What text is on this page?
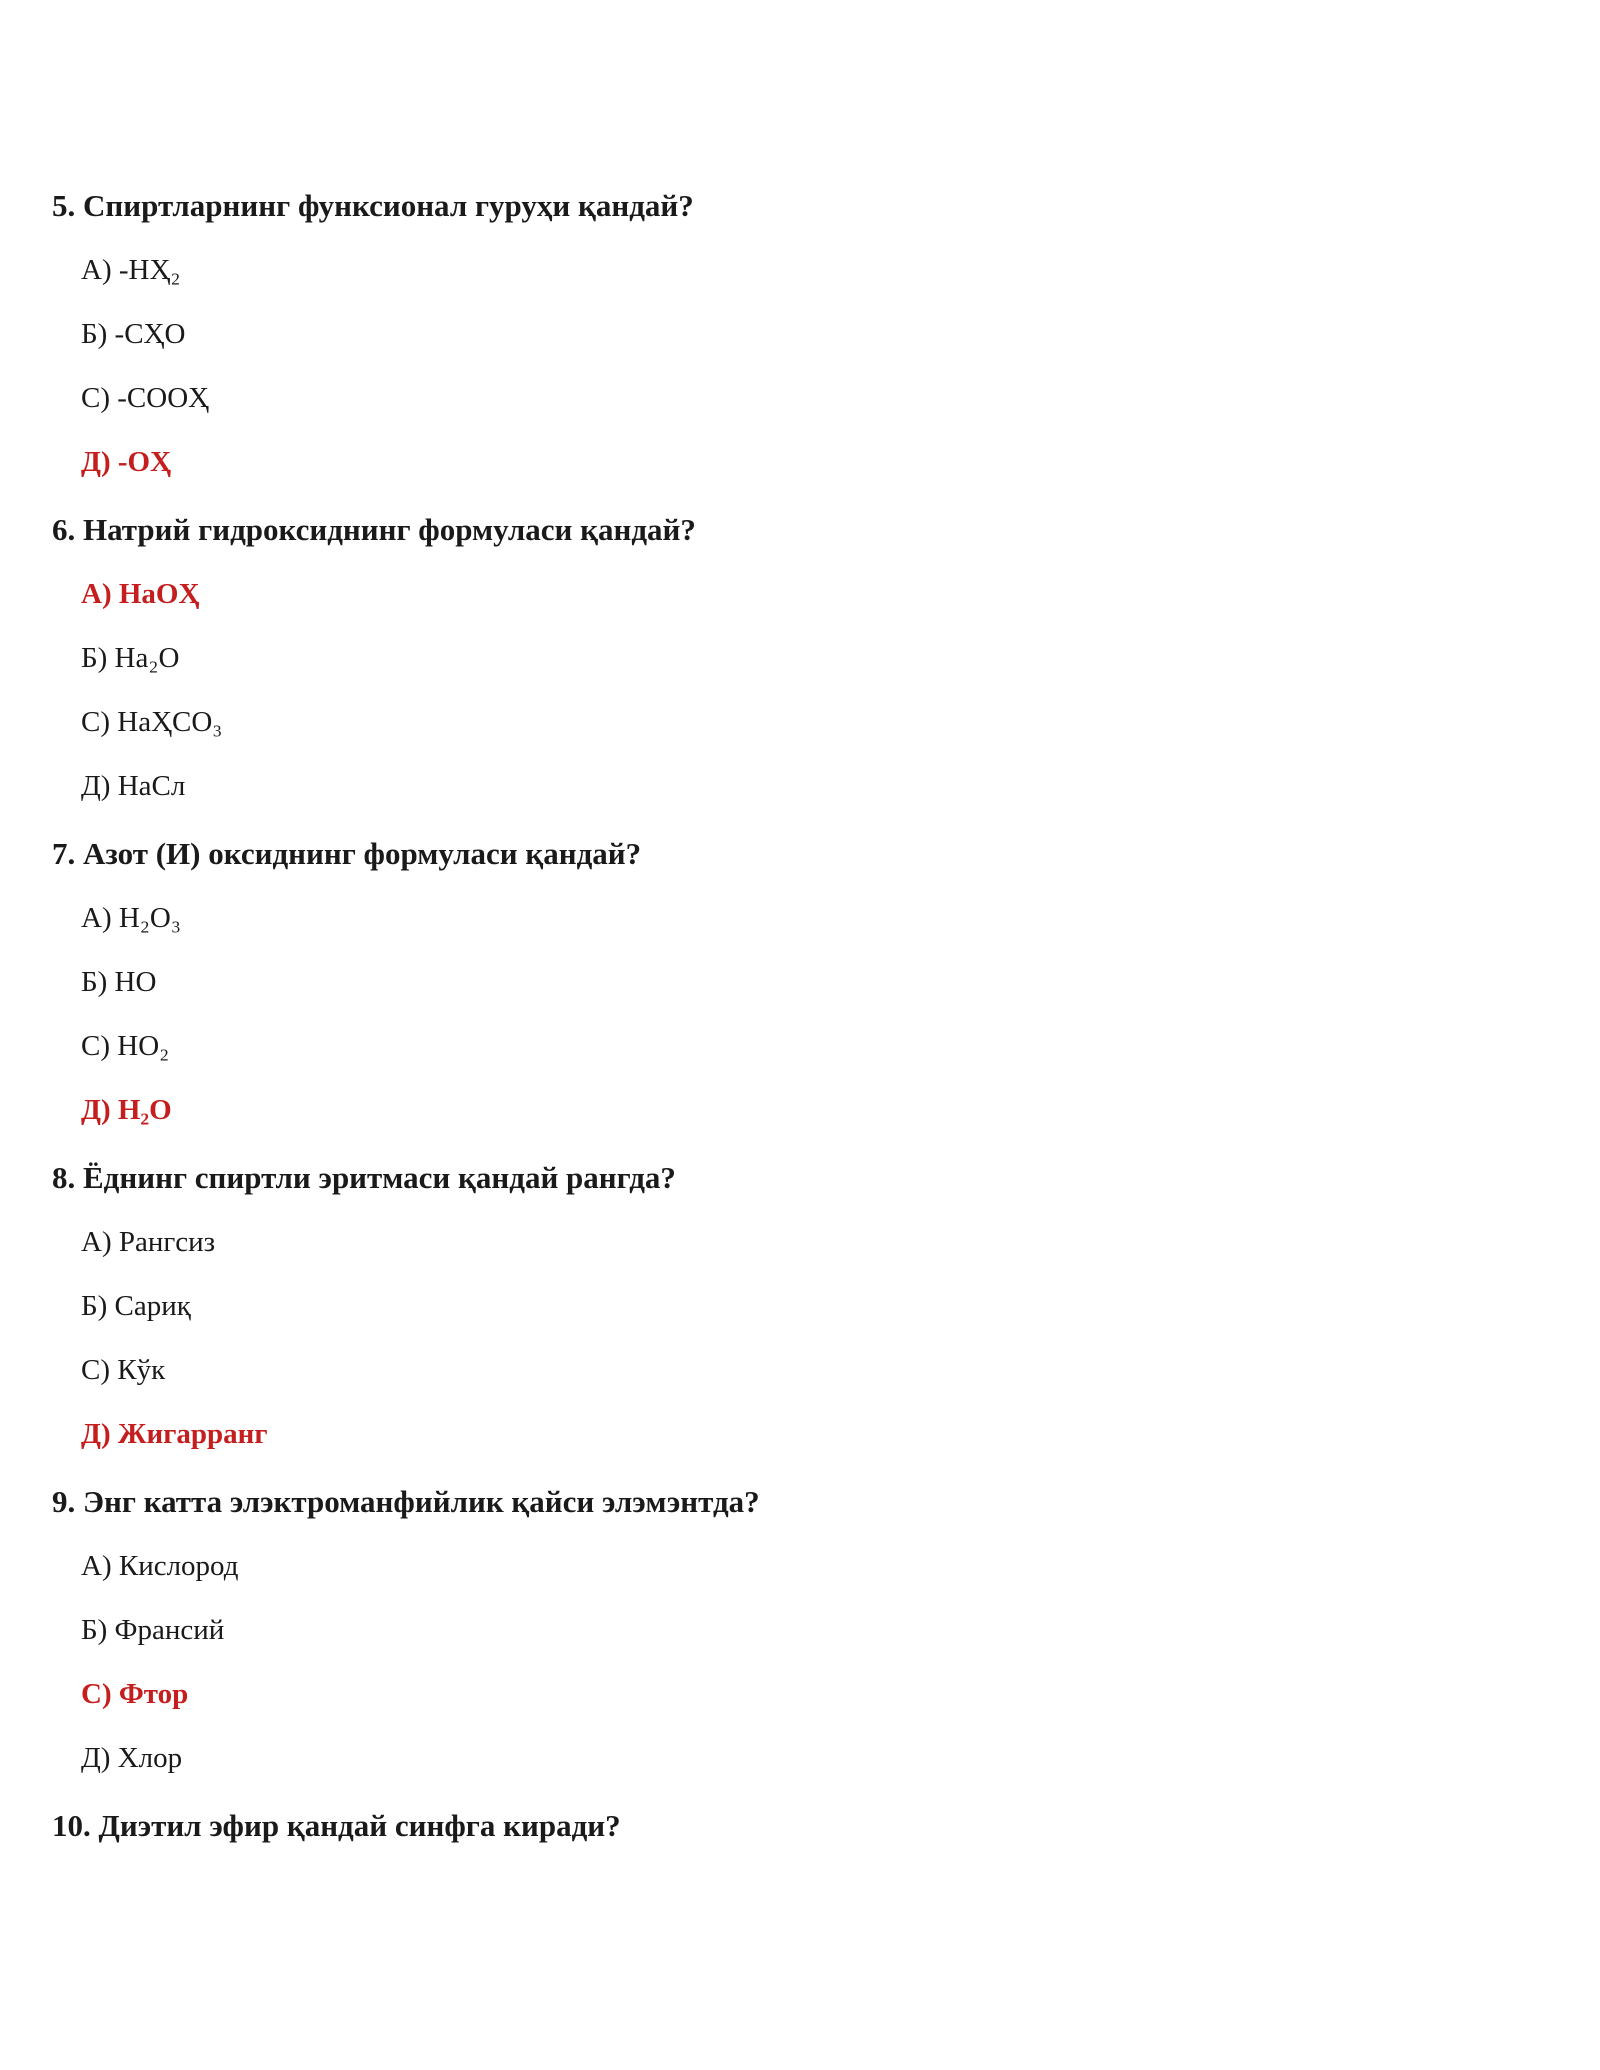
5. Спиртларнинг функсионал гуруҳи қандай?
А) -НҲ₂
Б) -СҲО
С) -СООҲ
Д) -ОҲ
6. Натрий гидроксиднинг формуласи қандай?
А) НаОҲ
Б) На₂О
С) НаҲСО₃
Д) НаСл
7. Азот (И) оксиднинг формуласи қандай?
А) Н₂О₃
Б) НО
С) НО₂
Д) Н₂О
8. Ёднинг спиртли эритмаси қандай рангда?
А) Рангсиз
Б) Сариқ
С) Кўк
Д) Жигарранг
9. Энг катта элэктроманфийлик қайси элэмэнтда?
А) Кислород
Б) Франсий
С) Фтор
Д) Хлор
10. Диэтил эфир қандай синфга киради?
